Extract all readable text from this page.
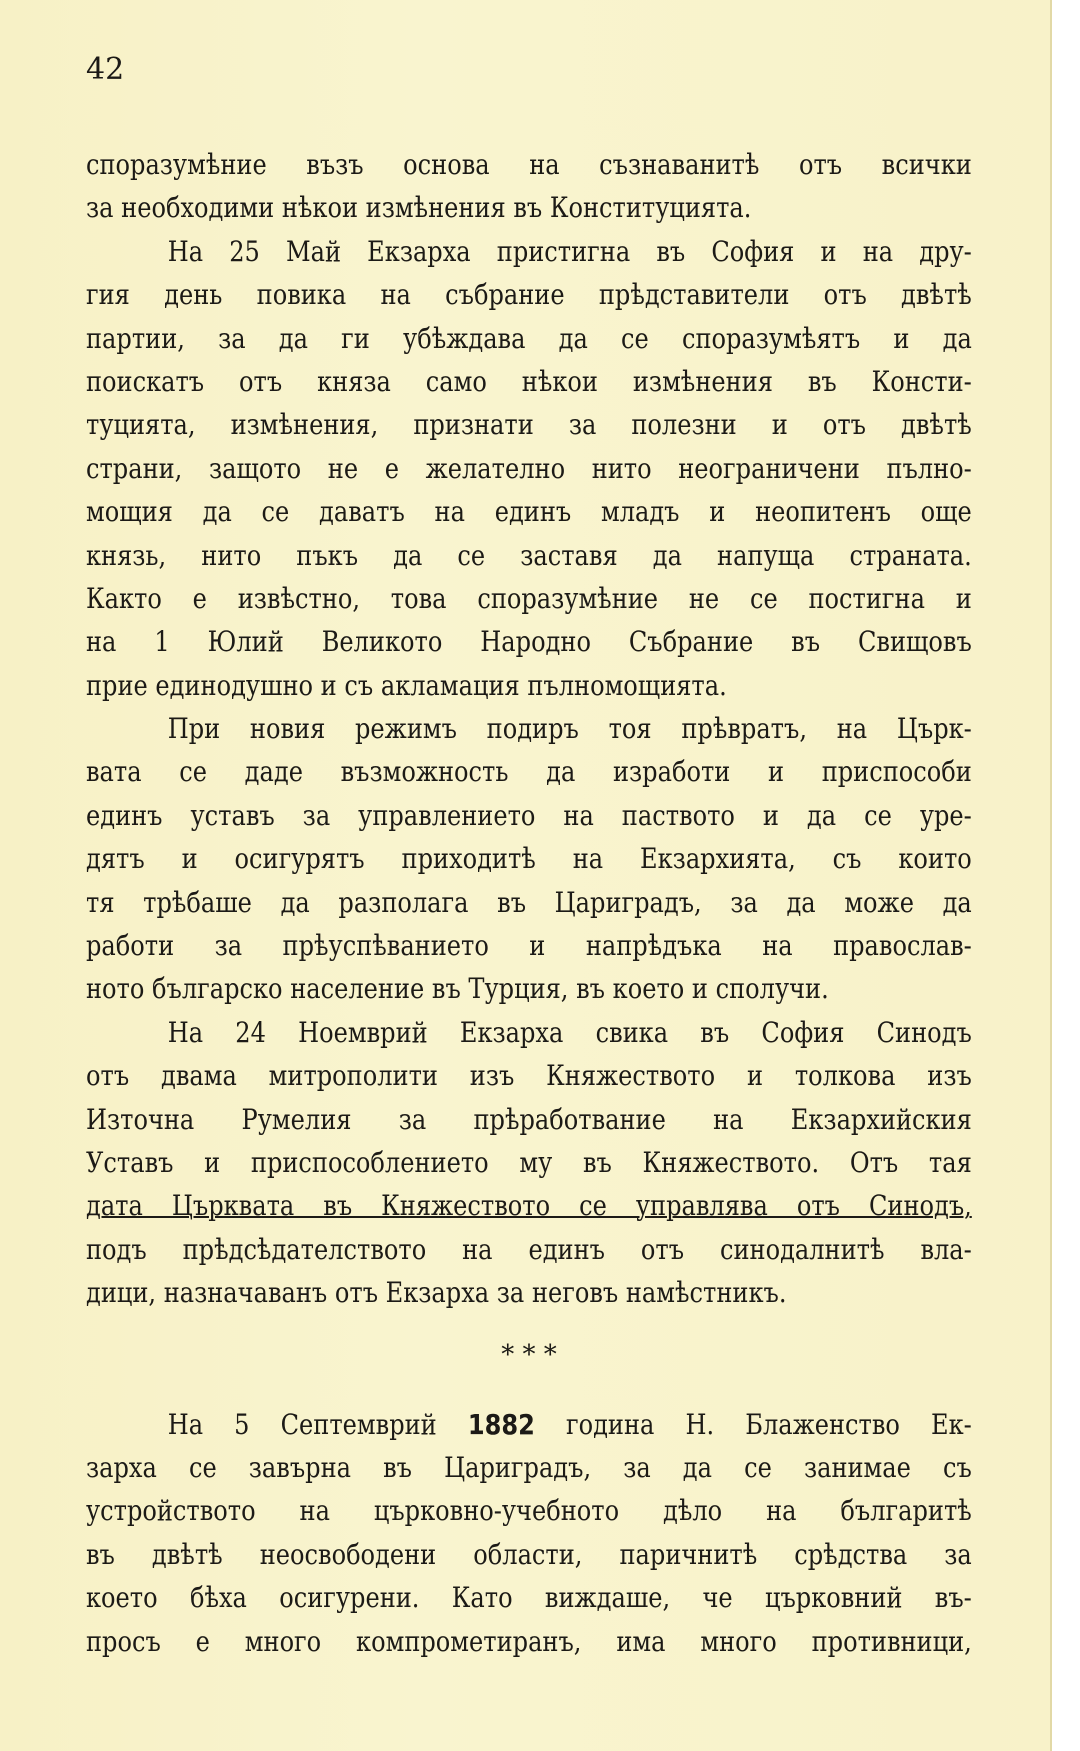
42
споразумѣние възъ основа на съзнаванитѣ отъ всички
за необходими нѣкои измѣнения въ Конституцията.
На 25 Май Екзарха пристигна въ София и на дру-
гия день повика на събрание прѣдставители отъ двѣтѣ
партии, за да ги убѣждава да се споразумѣятъ и да
поискатъ отъ княза само нѣкои измѣнения въ Консти-
туцията, измѣнения, признати за полезни и отъ двѣтѣ
страни, защото не е желателно нито неограничени пълно-
мощия да се даватъ на единъ младъ и неопитенъ още
князь, нито пъкъ да се заставя да напуща страната.
Както е извѣстно, това споразумѣние не се постигна и
на 1 Юлий Великото Народно Събрание въ Свищовъ
прие единодушно и съ акламация пълномощията.
При новия режимъ подиръ тоя прѣвратъ, на Църк-
вата се даде възможность да изработи и приспособи
единъ уставъ за управлението на паството и да се уре-
дятъ и осигурятъ приходитѣ на Екзархията, съ които
тя трѣбаше да разполага въ Цариградъ, за да може да
работи за прѣуспѣванието и напрѣдъка на православ-
ното българско население въ Турция, въ което и сполучи.
На 24 Ноемврий Екзарха свика въ София Синодъ
отъ двама митрополити изъ Княжеството и толкова изъ
Източна Румелия за прѣработвание на Екзархийския
Уставъ и приспособлението му въ Княжеството. Отъ тая
дата Църквата въ Княжеството се управлява отъ Синодъ,
подъ прѣдсѣдателството на единъ отъ синодалнитѣ вла-
дици, назначаванъ отъ Екзарха за неговъ намѣстникъ.
* * *
На 5 Септемврий 1882 година Н. Блаженство Ек-
зарха се завърна въ Цариградъ, за да се занимае съ
устройството на църковно-учебното дѣло на българитѣ
въ двѣтѣ неосвободени области, паричнитѣ срѣдства за
което бѣха осигурени. Като виждаше, че църковний въ-
просъ е много компрометиранъ, има много противници,
